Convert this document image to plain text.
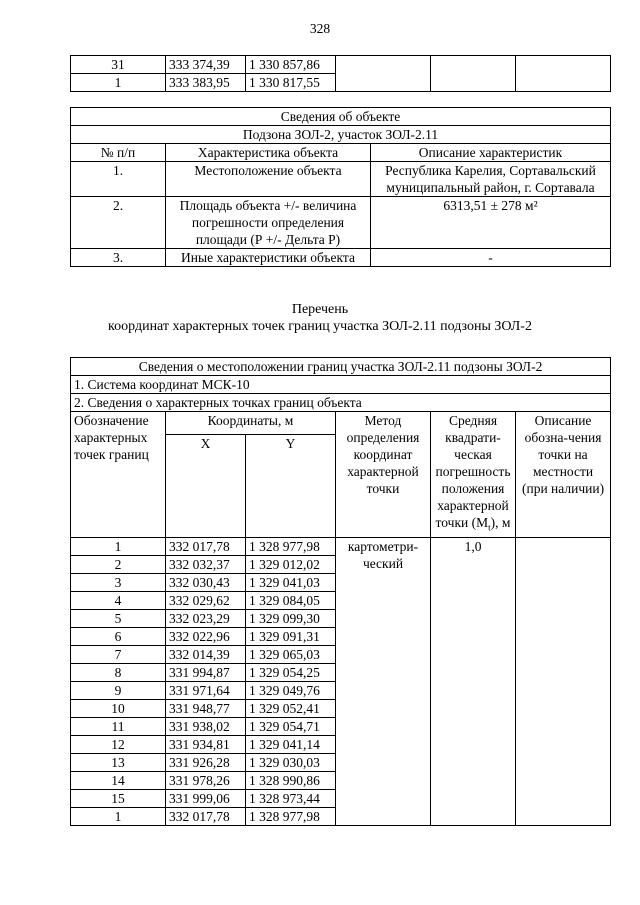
328
31	333 374,39	1 330 857,86			
1	333 383,95	1 330 817,55			
Сведения об объекте		
Подзона ЗОЛ-2, участок ЗОЛ-2.11		
№ п/п	Характеристика объекта	Описание характеристик
1.	Местоположение объекта	Республика Карелия, Сортавальский муниципальный район, г. Сортавала
2.	Площадь объекта +/- величина погрешности определения площади (Р +/- Дельта Р)	6313,51 ± 278 м²
3.	Иные характеристики объекта	-
Перечень
координат характерных точек границ участка ЗОЛ-2.11 подзоны ЗОЛ-2
Сведения о местоположении границ участка ЗОЛ-2.11 подзоны ЗОЛ-2					
1. Система координат МСК-10					
2. Сведения о характерных точках границ объекта					
Обозначение характерных точек границ	Координаты, м		Метод определения координат характерной точки	Средняя квадрати-ческая погрешность положения характерной точки $(M_t)$, м	Описание обозна-чения точки на местности (при наличии)
	X	Y			
1	332 017,78	1 328 977,98	картометри-ческий	1,0	
2	332 032,37	1 329 012,02			
3	332 030,43	1 329 041,03			
4	332 029,62	1 329 084,05			
5	332 023,29	1 329 099,30			
6	332 022,96	1 329 091,31			
7	332 014,39	1 329 065,03			
8	331 994,87	1 329 054,25			
9	331 971,64	1 329 049,76			
10	331 948,77	1 329 052,41			
11	331 938,02	1 329 054,71			
12	331 934,81	1 329 041,14			
13	331 926,28	1 329 030,03			
14	331 978,26	1 328 990,86			
15	331 999,06	1 328 973,44			
1	332 017,78	1 328 977,98			
